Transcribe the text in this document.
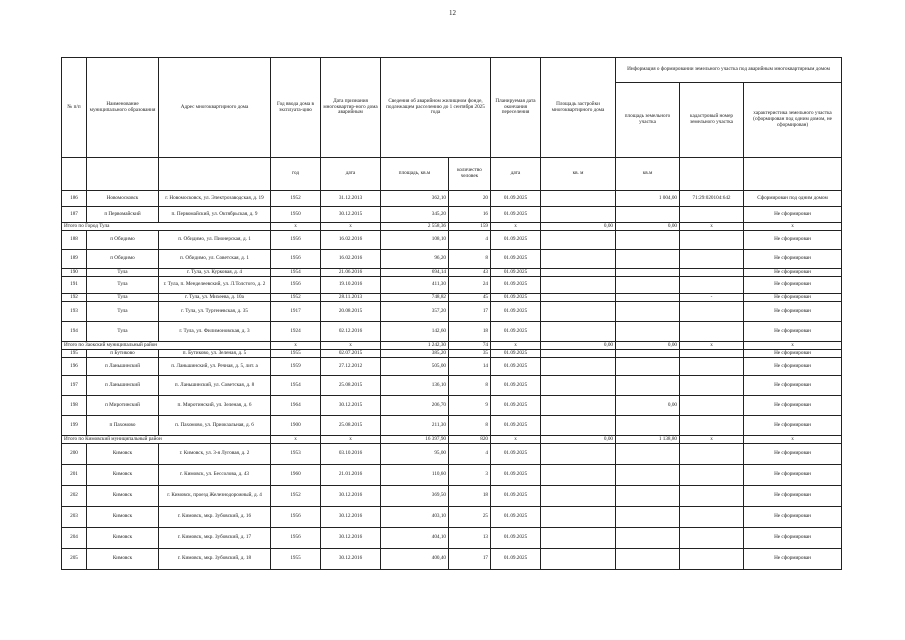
12
№ п/п	Наименование муниципального образования	Адрес многоквартирного дома	Год ввода дома в эксплуата-цию	Дата признания многоквартир-ного дома аварийным	Сведения об аварийном жилищном фонде, подлежащем расселению до 1 сентября 2025 года		Планируемая дата окончания переселения	Площадь застройки многоквартирного дома	Информация о формировании земельного участка под аварийным многоквартирным домом		
									площадь земельного участка	кадастровый номер земельного участка	характеристика земельного участка (сформирован под одним домом, не сформирован)
			год	дата	площадь, кв.м	количество человек	дата	кв. м	кв.м		
186	Новомосковск	г. Новомосковск, ул. Электрозаводская, д. 19	1952	31.12.2013	362,10	20	01.09.2025		1 004,00	71:29:020104:642	Сформирован под одним домом
187	п Первомайский	п. Первомайский, ул. Октябрьская, д. 9	1950	30.12.2015	345,20	16	01.09.2025				Не сформирован
Итого по Город Тула			x	x	2 558,36	159	x	0,00	0,00	x	x
188	п Обидимо	п. Обидимо, ул. Пионерская, д. 1	1956	16.02.2016	108,10	4	01.09.2025				Не сформирован
189	п Обидимо	п. Обидимо, ул. Советская, д. 1	1956	16.02.2016	96,20	8	01.09.2025				Не сформирован
190	Тула	г. Тула, ул. Курковая, д. 4	1954	21.06.2016	694,14	43	01.09.2025				Не сформирован
191	Тула	г. Тула, п. Менделеевский, ул. Л.Толстого, д. 2	1956	19.10.2016	411,30	24	01.09.2025				Не сформирован
192	Тула	г. Тула, ул. Михеева, д. 10а	1952	28.11.2013	748,82	45	01.09.2025			-	Не сформирован
193	Тула	г. Тула, ул. Тургеневская, д. 35	1917	20.08.2015	357,20	17	01.09.2025				Не сформирован
194	Тула	г. Тула, ул. Филимоновская, д. 3	1924	02.12.2016	142,60	18	01.09.2025				Не сформирован
Итого по Заокский муниципальный район			x	x	1 242,30	74	x	0,00	0,00	x	x
195	п Бутиково	п. Бутиково, ул. Зеленая, д. 5	1955	02.07.2015	385,20	35	01.09.2025				Не сформирован
196	п Ланьшинский	п. Ланьшинский, ул. Речная, д. 5, лит. а	1959	27.12.2012	505,00	14	01.09.2025				Не сформирован
197	п Ланьшинский	п. Ланьшинский, ул. Советская, д. 8	1954	25.08.2015	136,10	8	01.09.2025				Не сформирован
198	п Миротинский	п. Миротинский, ул. Зеленая, д. 6	1964	30.12.2015	206,70	9	01.09.2025		0,00		Не сформирован
199	п Пахомово	п. Пахомово, ул. Приокзальная, д. 6	1900	25.08.2015	211,30	8	01.09.2025				Не сформирован
Итого по Кимовский муниципальный район			x	x	16 397,90	820	x	0,00	1 138,80	x	x
200	Кимовск	г. Кимовск, ул. 3-я Луговая, д. 2	1953	03.10.2016	95,00	4	01.09.2025				Не сформирован
201	Кимовск	г. Кимовск, ул. Бессолова, д. 43	1960	21.01.2016	110,60	3	01.09.2025				Не сформирован
202	Кимовск	г. Кимовск, проезд Железнодорожный, д. 4	1952	30.12.2016	369,50	18	01.09.2025				Не сформирован
203	Кимовск	г. Кимовск, мкр. Зубовский, д. 16	1956	30.12.2016	403,10	25	01.09.2025				Не сформирован
204	Кимовск	г. Кимовск, мкр. Зубовский, д. 17	1956	30.12.2016	404,10	13	01.09.2025				Не сформирован
205	Кимовск	г. Кимовск, мкр. Зубовский, д. 18	1955	30.12.2016	400,40	17	01.09.2025				Не сформирован
